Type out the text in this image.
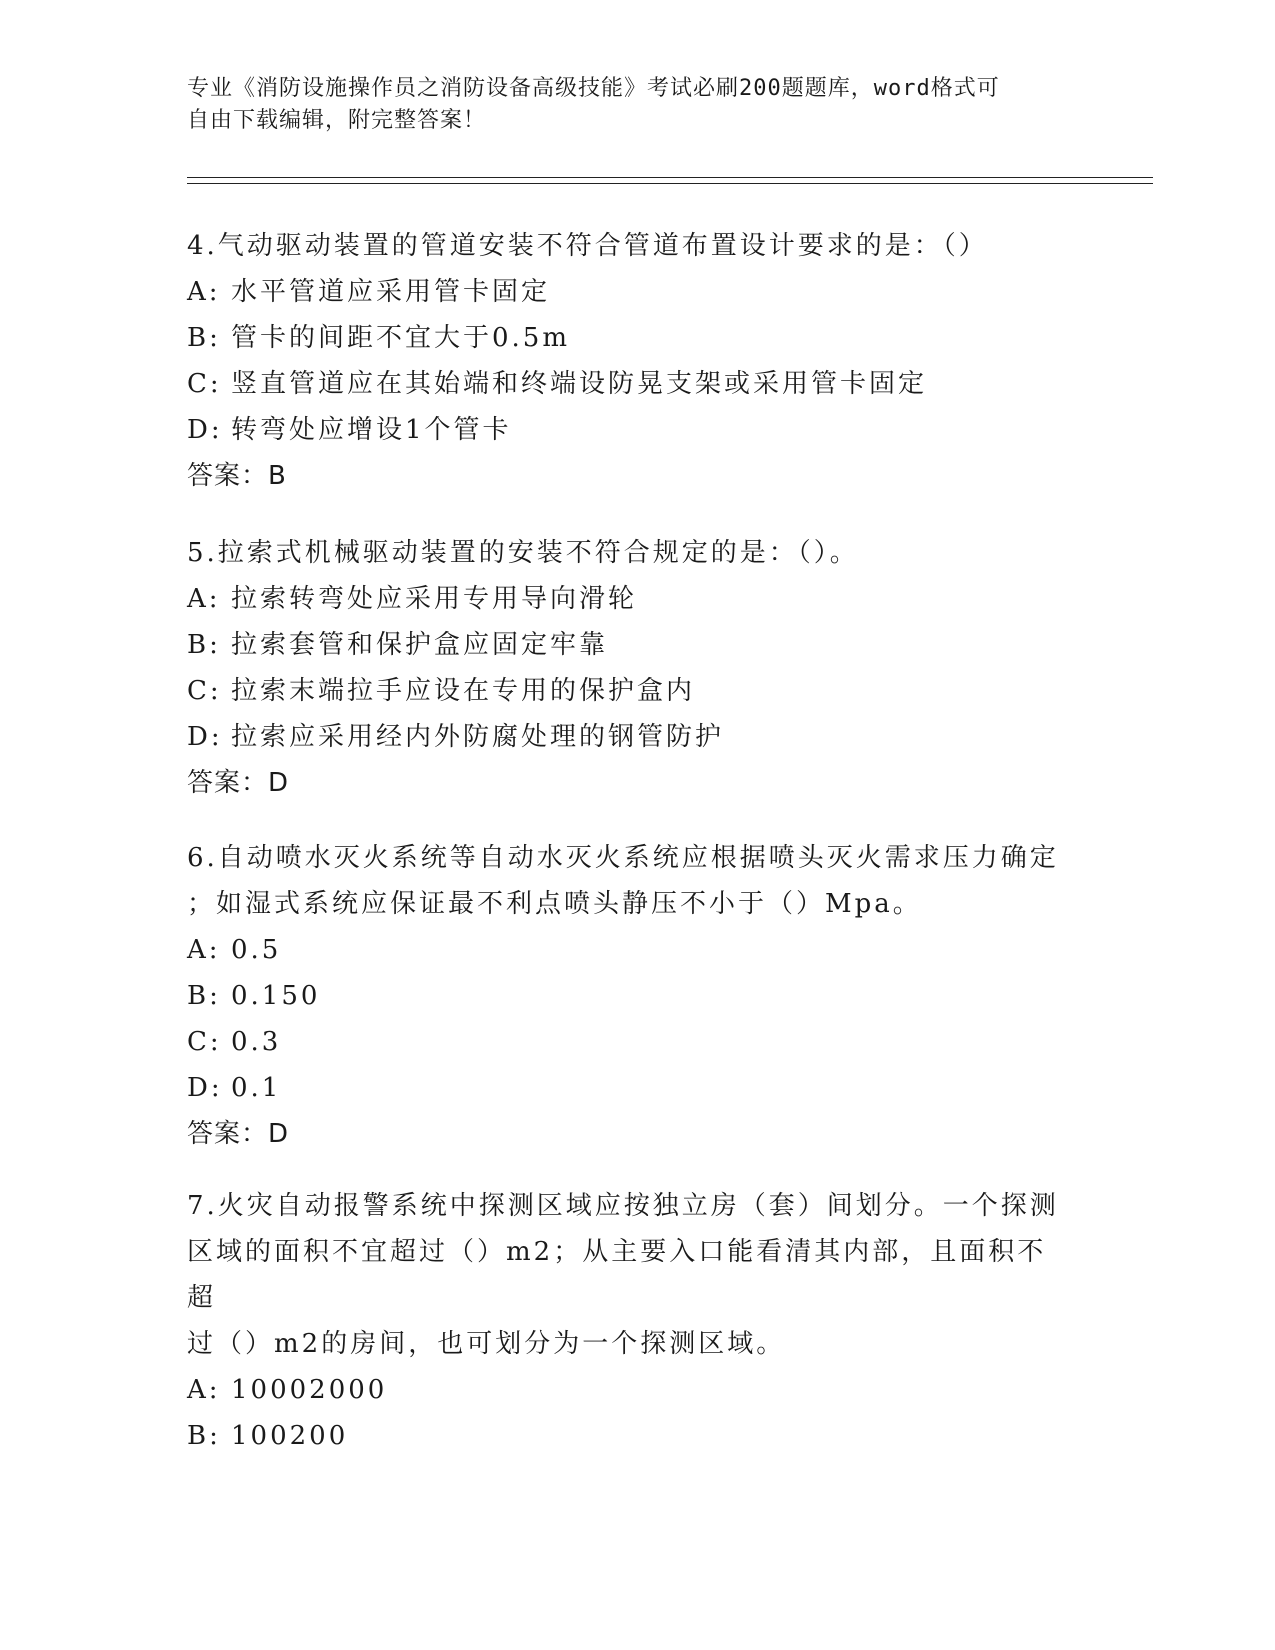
专业《消防设施操作员之消防设备高级技能》考试必刷200题题库，word格式可
自由下载编辑，附完整答案！

4.气动驱动装置的管道安装不符合管道布置设计要求的是：（）

A: 水平管道应采用管卡固定

B: 管卡的间距不宜大于0.5m

C: 竖直管道应在其始端和终端设防晃支架或采用管卡固定

D: 转弯处应增设1个管卡

答案：B

5.拉索式机械驱动装置的安装不符合规定的是：（）。

A: 拉索转弯处应采用专用导向滑轮

B: 拉索套管和保护盒应固定牢靠

C: 拉索末端拉手应设在专用的保护盒内

D: 拉索应采用经内外防腐处理的钢管防护

答案：D

6.自动喷水灭火系统等自动水灭火系统应根据喷头灭火需求压力确定

；如湿式系统应保证最不利点喷头静压不小于（）Mpa。

A: 0.5

B: 0.150

C: 0.3

D: 0.1

答案：D

7.火灾自动报警系统中探测区域应按独立房（套）间划分。一个探测

区域的面积不宜超过（）m2；从主要入口能看清其内部，且面积不超

过（）m2的房间，也可划分为一个探测区域。

A: 10002000

B: 100200
